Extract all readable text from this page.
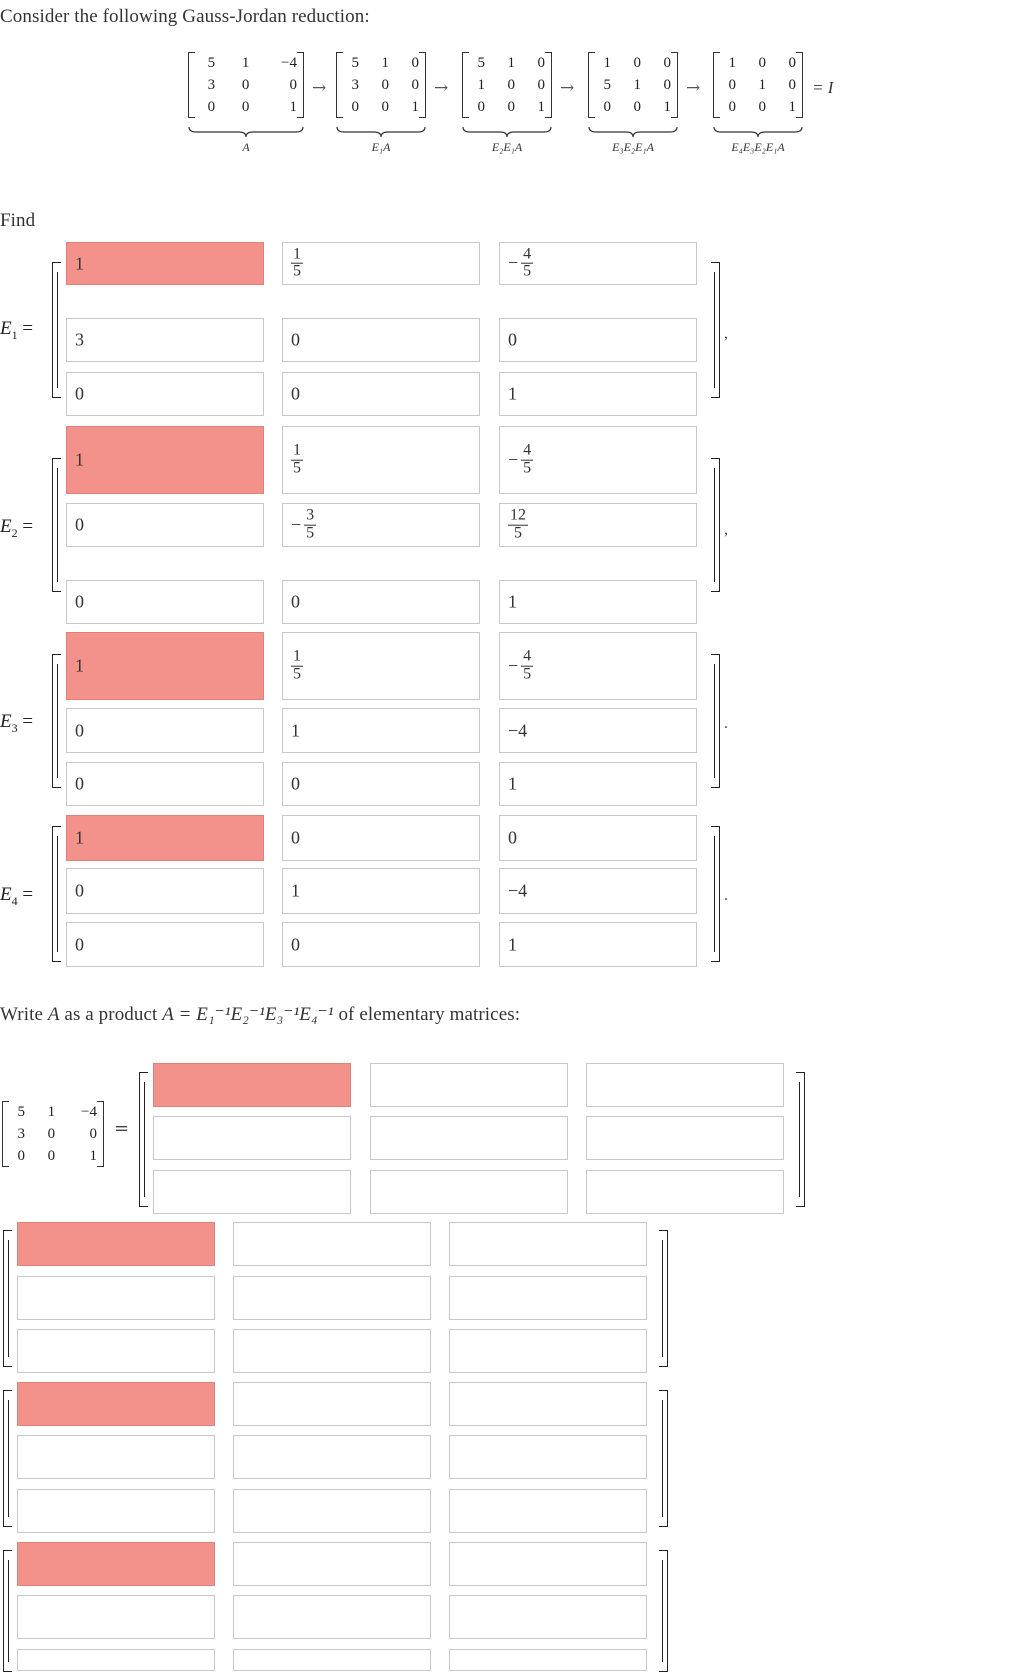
Consider the following Gauss-Jordan reduction:
5	1	−4
3	0	0
0	0	1
A
→
5	1	0
3	0	0
0	0	1
E₁A
→
5	1	0
1	0	0
0	0	1
E₂E₁A
→
1	0	0
5	1	0
0	0	1
E₃E₂E₁A
→
1	0	0
0	1	0
0	0	1
E₄E₃E₂E₁A
= I
Find
$E_1$ =
1	$\frac{1}{5}$	− $\frac{4}{5}$
3	0	0
0	0	1
,
$E_2$ =
1	$\frac{1}{5}$	− $\frac{4}{5}$
0	− $\frac{3}{5}$	$\frac{12}{5}$
0	0	1
,
$E_3$ =
1	$\frac{1}{5}$	− $\frac{4}{5}$
0	1	−4
0	0	1
.
$E_4$ =
1	0	0
0	1	−4
0	0	1
.
Write A as a product A = E₁⁻¹E₂⁻¹E₃⁻¹E₄⁻¹ of elementary matrices:
5	1	−4
3	0	0
0	0	1
=
